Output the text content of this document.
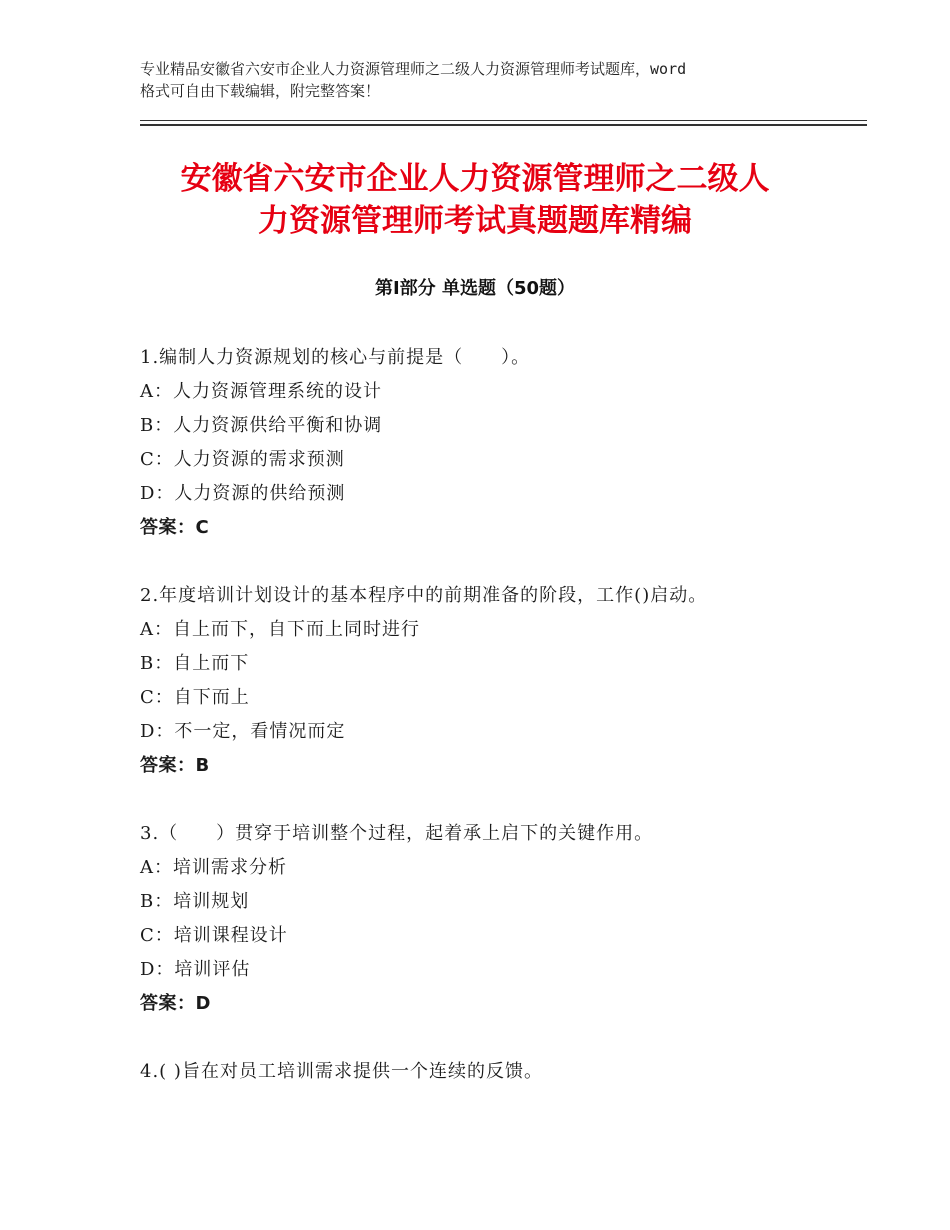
专业精品安徽省六安市企业人力资源管理师之二级人力资源管理师考试题库，word
格式可自由下载编辑，附完整答案！
安徽省六安市企业人力资源管理师之二级人
力资源管理师考试真题题库精编
第Ⅰ部分 单选题（50题）
1.编制人力资源规划的核心与前提是（　　）。
A：人力资源管理系统的设计
B：人力资源供给平衡和协调
C：人力资源的需求预测
D：人力资源的供给预测
答案：C
2.年度培训计划设计的基本程序中的前期准备的阶段，工作()启动。
A：自上而下，自下而上同时进行
B：自上而下
C：自下而上
D：不一定，看情况而定
答案：B
3.（　　）贯穿于培训整个过程，起着承上启下的关键作用。
A：培训需求分析
B：培训规划
C：培训课程设计
D：培训评估
答案：D
4.( )旨在对员工培训需求提供一个连续的反馈。
